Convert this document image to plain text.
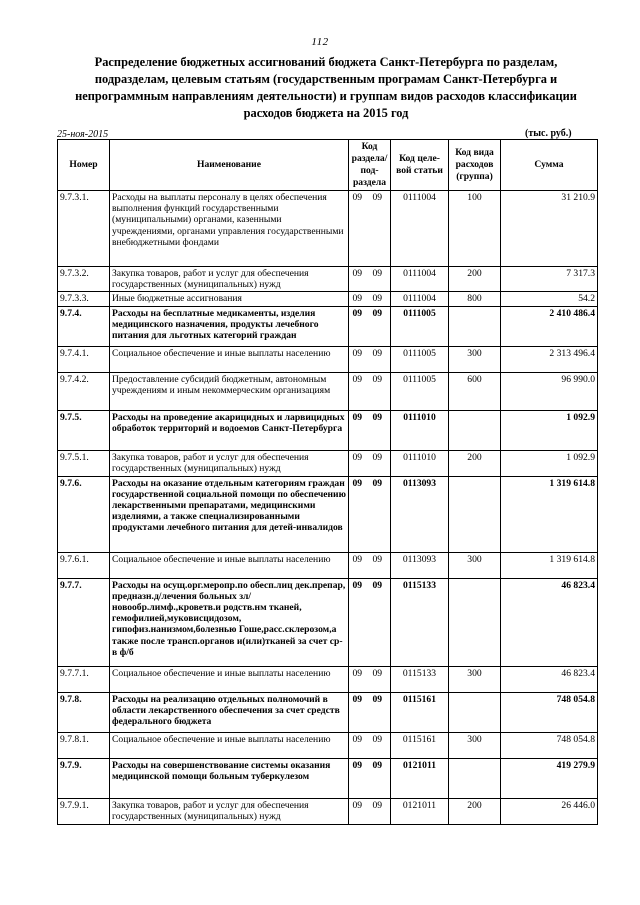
112
Распределение бюджетных ассигнований бюджета Санкт-Петербурга по разделам, подразделам, целевым статьям (государственным програмам Санкт-Петербурга и непрограммным направлениям деятельности) и группам видов расходов классификации расходов бюджета на 2015 год
25-ноя-2015	(тыс. руб.)
Номер	Наименование	Код раздела/ под- раздела	Код целе- вой статьи	Код вида расходов (группа)	Сумма
9.7.3.1.	Расходы на выплаты персоналу в целях обеспечения выполнения функций государственными (муниципальными) органами, казенными учреждениями, органами управления государственными внебюджетными фондами	09 09	0111004	100	31 210.9
9.7.3.2.	Закупка товаров, работ и услуг для обеспечения государственных (муниципальных) нужд	09 09	0111004	200	7 317.3
9.7.3.3.	Иные бюджетные ассигнования	09 09	0111004	800	54.2
9.7.4.	Расходы на бесплатные медикаменты, изделия медицинского назначения, продукты лечебного питания для льготных категорий граждан	09 09	0111005		2 410 486.4
9.7.4.1.	Социальное обеспечение и иные выплаты населению	09 09	0111005	300	2 313 496.4
9.7.4.2.	Предоставление субсидий бюджетным, автономным учреждениям и иным некоммерческим организациям	09 09	0111005	600	96 990.0
9.7.5.	Расходы на проведение акарицидных и ларвицидных обработок территорий и водоемов Санкт-Петербурга	09 09	0111010		1 092.9
9.7.5.1.	Закупка товаров, работ и услуг для обеспечения государственных (муниципальных) нужд	09 09	0111010	200	1 092.9
9.7.6.	Расходы на оказание отдельным категориям граждан государственной социальной помощи по обеспечению лекарственными препаратами, медицинскими изделиями, а также специализированными продуктами лечебного питания для детей-инвалидов	09 09	0113093		1 319 614.8
9.7.6.1.	Социальное обеспечение и иные выплаты населению	09 09	0113093	300	1 319 614.8
9.7.7.	Расходы на осущ.орг.меропр.по обесп.лиц дек.препар, предназн.д/лечения больных зл/новообр.лимф.,кроветв.и родств.нм тканей, гемофилией,муковисцидозом, гипофиз.нанизмом,болезнью Гоше,расс.склерозом,а также после трансп.органов и(или)тканей за счет ср-в ф/б	09 09	0115133		46 823.4
9.7.7.1.	Социальное обеспечение и иные выплаты населению	09 09	0115133	300	46 823.4
9.7.8.	Расходы на реализацию отдельных полномочий в области лекарственного обеспечения за счет средств федерального бюджета	09 09	0115161		748 054.8
9.7.8.1.	Социальное обеспечение и иные выплаты населению	09 09	0115161	300	748 054.8
9.7.9.	Расходы на совершенствование системы оказания медицинской помощи больным туберкулезом	09 09	0121011		419 279.9
9.7.9.1.	Закупка товаров, работ и услуг для обеспечения государственных (муниципальных) нужд	09 09	0121011	200	26 446.0
